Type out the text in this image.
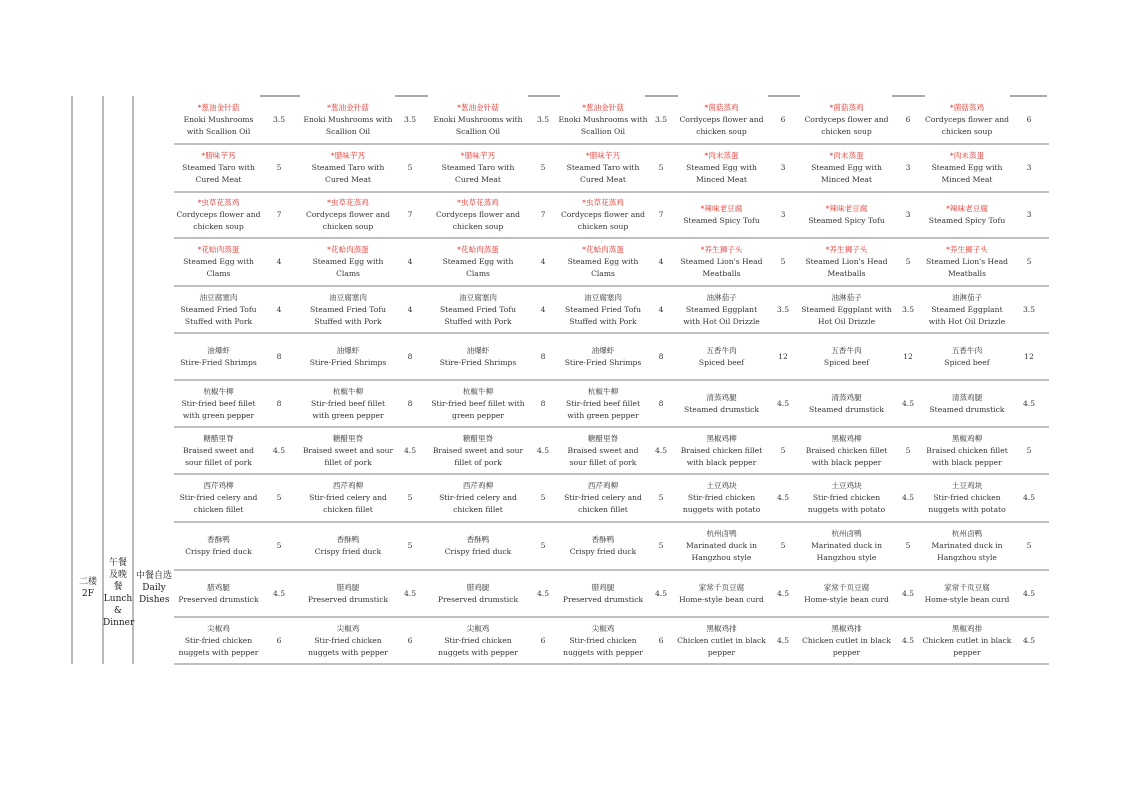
二楼
2F
午餐及晚餐
Lunch & Dinner
中餐自选
Daily Dishes
*葱油金针菇
Enoki Mushrooms with Scallion Oil
3.5
*葱油金针菇
Enoki Mushrooms with Scallion Oil
3.5
*葱油金针菇
Enoki Mushrooms with Scallion Oil
3.5
*葱油金针菇
Enoki Mushrooms with Scallion Oil
3.5
*菌菇蒸鸡
Cordyceps flower and chicken soup
6
*菌菇蒸鸡
Cordyceps flower and chicken soup
6
*菌菇蒸鸡
Cordyceps flower and chicken soup
6
*腊味芋艿
Steamed Taro with Cured Meat
5
*腊味芋艿
Steamed Taro with Cured Meat
5
*腊味芋艿
Steamed Taro with Cured Meat
5
*腊味芋艿
Steamed Taro with Cured Meat
5
*肉末蒸蛋
Steamed Egg with Minced Meat
3
*肉末蒸蛋
Steamed Egg with Minced Meat
3
*肉末蒸蛋
Steamed Egg with Minced Meat
3
*虫草花蒸鸡
Cordyceps flower and chicken soup
7
*虫草花蒸鸡
Cordyceps flower and chicken soup
7
*虫草花蒸鸡
Cordyceps flower and chicken soup
7
*虫草花蒸鸡
Cordyceps flower and chicken soup
7
*辣味老豆腐
Steamed Spicy Tofu
3
*辣味老豆腐
Steamed Spicy Tofu
3
*辣味老豆腐
Steamed Spicy Tofu
3
*花蛤肉蒸蛋
Steamed Egg with Clams
4
*花蛤肉蒸蛋
Steamed Egg with Clams
4
*花蛤肉蒸蛋
Steamed Egg with Clams
4
*花蛤肉蒸蛋
Steamed Egg with Clams
4
*养生狮子头
Steamed Lion's Head Meatballs
5
*养生狮子头
Steamed Lion's Head Meatballs
5
*养生狮子头
Steamed Lion's Head Meatballs
5
油豆腐塞肉
Steamed Fried Tofu Stuffed with Pork
4
油豆腐塞肉
Steamed Fried Tofu Stuffed with Pork
4
油豆腐塞肉
Steamed Fried Tofu Stuffed with Pork
4
油豆腐塞肉
Steamed Fried Tofu Stuffed with Pork
4
油淋茄子
Steamed Eggplant with Hot Oil Drizzle
3.5
油淋茄子
Steamed Eggplant with Hot Oil Drizzle
3.5
油淋茄子
Steamed Eggplant with Hot Oil Drizzle
3.5
油爆虾
Stire-Fried Shrimps
8
油爆虾
Stire-Fried Shrimps
8
油爆虾
Stire-Fried Shrimps
8
油爆虾
Stire-Fried Shrimps
8
五香牛肉
Spiced beef
12
五香牛肉
Spiced beef
12
五香牛肉
Spiced beef
12
杭椒牛柳
Stir-fried beef fillet with green pepper
8
杭椒牛柳
Stir-fried beef fillet with green pepper
8
杭椒牛柳
Stir-fried beef fillet with green pepper
8
杭椒牛柳
Stir-fried beef fillet with green pepper
8
清蒸鸡腿
Steamed drumstick
4.5
清蒸鸡腿
Steamed drumstick
4.5
清蒸鸡腿
Steamed drumstick
4.5
糖醋里脊
Braised sweet and sour fillet of pork
4.5
糖醋里脊
Braised sweet and sour fillet of pork
4.5
糖醋里脊
Braised sweet and sour fillet of pork
4.5
糖醋里脊
Braised sweet and sour fillet of pork
4.5
黑椒鸡柳
Braised chicken fillet with black pepper
5
黑椒鸡柳
Braised chicken fillet with black pepper
5
黑椒鸡柳
Braised chicken fillet with black pepper
5
西芹鸡柳
Stir-fried celery and chicken fillet
5
西芹鸡柳
Stir-fried celery and chicken fillet
5
西芹鸡柳
Stir-fried celery and chicken fillet
5
西芹鸡柳
Stir-fried celery and chicken fillet
5
土豆鸡块
Stir-fried chicken nuggets with potato
4.5
土豆鸡块
Stir-fried chicken nuggets with potato
4.5
土豆鸡块
Stir-fried chicken nuggets with potato
4.5
香酥鸭
Crispy fried duck
5
香酥鸭
Crispy fried duck
5
香酥鸭
Crispy fried duck
5
香酥鸭
Crispy fried duck
5
杭州卤鸭
Marinated duck in Hangzhou style
5
杭州卤鸭
Marinated duck in Hangzhou style
5
杭州卤鸭
Marinated duck in Hangzhou style
5
腊鸡腿
Preserved drumstick
4.5
腊鸡腿
Preserved drumstick
4.5
腊鸡腿
Preserved drumstick
4.5
腊鸡腿
Preserved drumstick
4.5
家常千页豆腐
Home-style bean curd
4.5
家常千页豆腐
Home-style bean curd
4.5
家常千页豆腐
Home-style bean curd
4.5
尖椒鸡
Stir-fried chicken nuggets with pepper
6
尖椒鸡
Stir-fried chicken nuggets with pepper
6
尖椒鸡
Stir-fried chicken nuggets with pepper
6
尖椒鸡
Stir-fried chicken nuggets with pepper
6
黑椒鸡排
Chicken cutlet in black pepper
4.5
黑椒鸡排
Chicken cutlet in black pepper
4.5
黑椒鸡排
Chicken cutlet in black pepper
4.5
